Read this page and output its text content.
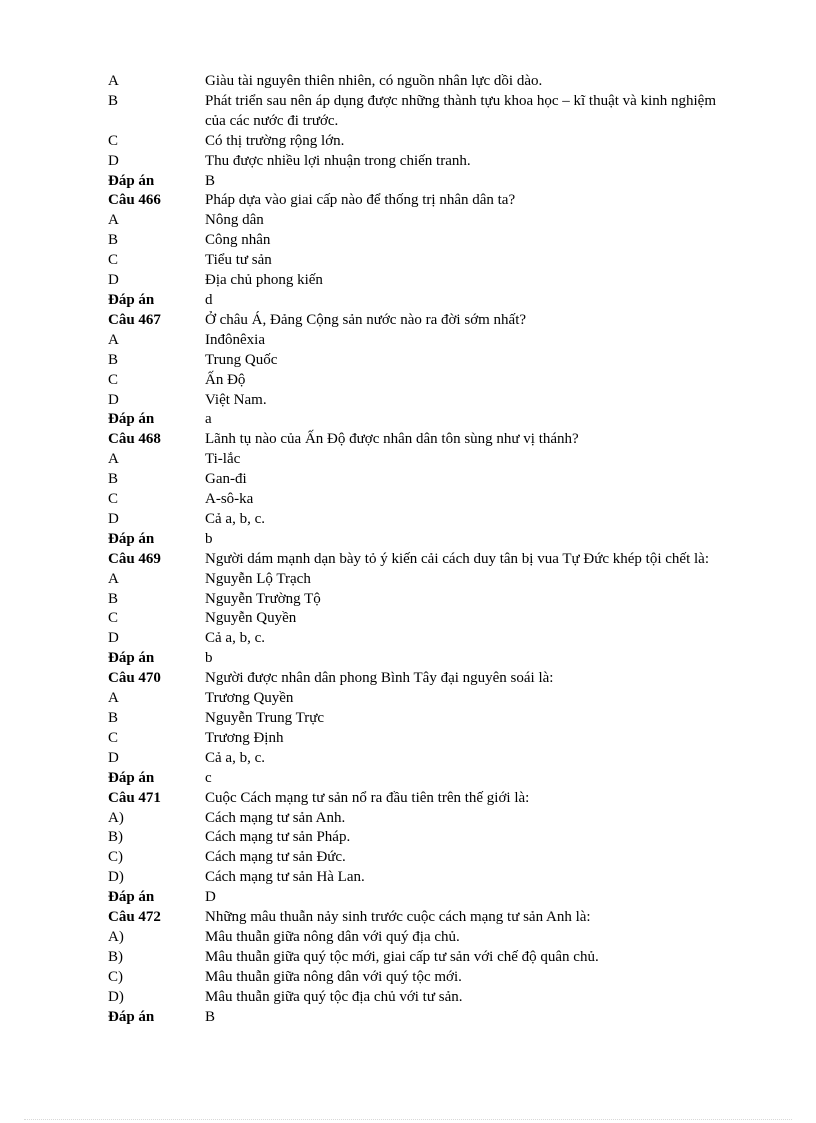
A	Giàu tài nguyên thiên nhiên, có nguồn nhân lực dồi dào.
B	Phát triển sau nên áp dụng được những thành tựu khoa học – kĩ thuật và kinh nghiệm của các nước đi trước.
C	Có thị trường rộng lớn.
D	Thu được nhiều lợi nhuận trong chiến tranh.
Đáp án	B
Câu 466	Pháp dựa vào giai cấp nào để thống trị nhân dân ta?
A	Nông dân
B	Công nhân
C	Tiểu tư sản
D	Địa chủ phong kiến
Đáp án	d
Câu 467	Ở châu Á, Đảng Cộng sản nước nào ra đời sớm nhất?
A	Inđônêxia
B	Trung Quốc
C	Ấn Độ
D	Việt Nam.
Đáp án	a
Câu 468	Lãnh tụ nào của Ấn Độ được nhân dân tôn sùng như vị thánh?
A	Ti-lắc
B	Gan-đi
C	A-sô-ka
D	Cả a, b, c.
Đáp án	b
Câu 469	Người dám mạnh dạn bày tỏ ý kiến cải cách duy tân bị vua Tự Đức khép tội chết là:
A	Nguyễn Lộ Trạch
B	Nguyễn Trường Tộ
C	Nguyễn Quyền
D	Cả a, b, c.
Đáp án	b
Câu 470	Người được nhân dân phong Bình Tây đại nguyên soái là:
A	Trương Quyền
B	Nguyễn Trung Trực
C	Trương Định
D	Cả a, b, c.
Đáp án	c
Câu 471	Cuộc Cách mạng tư sản nổ ra đầu tiên trên thế giới là:
A)	Cách mạng tư sản Anh.
B)	Cách mạng tư sản Pháp.
C)	Cách mạng tư sản Đức.
D)	Cách mạng tư sản Hà Lan.
Đáp án	D
Câu 472	Những mâu thuẫn nảy sinh trước cuộc cách mạng tư sản Anh là:
A)	Mâu thuẫn giữa nông dân với quý địa chủ.
B)	Mâu thuẫn giữa quý tộc mới, giai cấp tư sản với chế độ quân chủ.
C)	Mâu thuẫn giữa nông dân với quý tộc mới.
D)	Mâu thuẫn giữa quý tộc địa chủ với tư sản.
Đáp án	B
